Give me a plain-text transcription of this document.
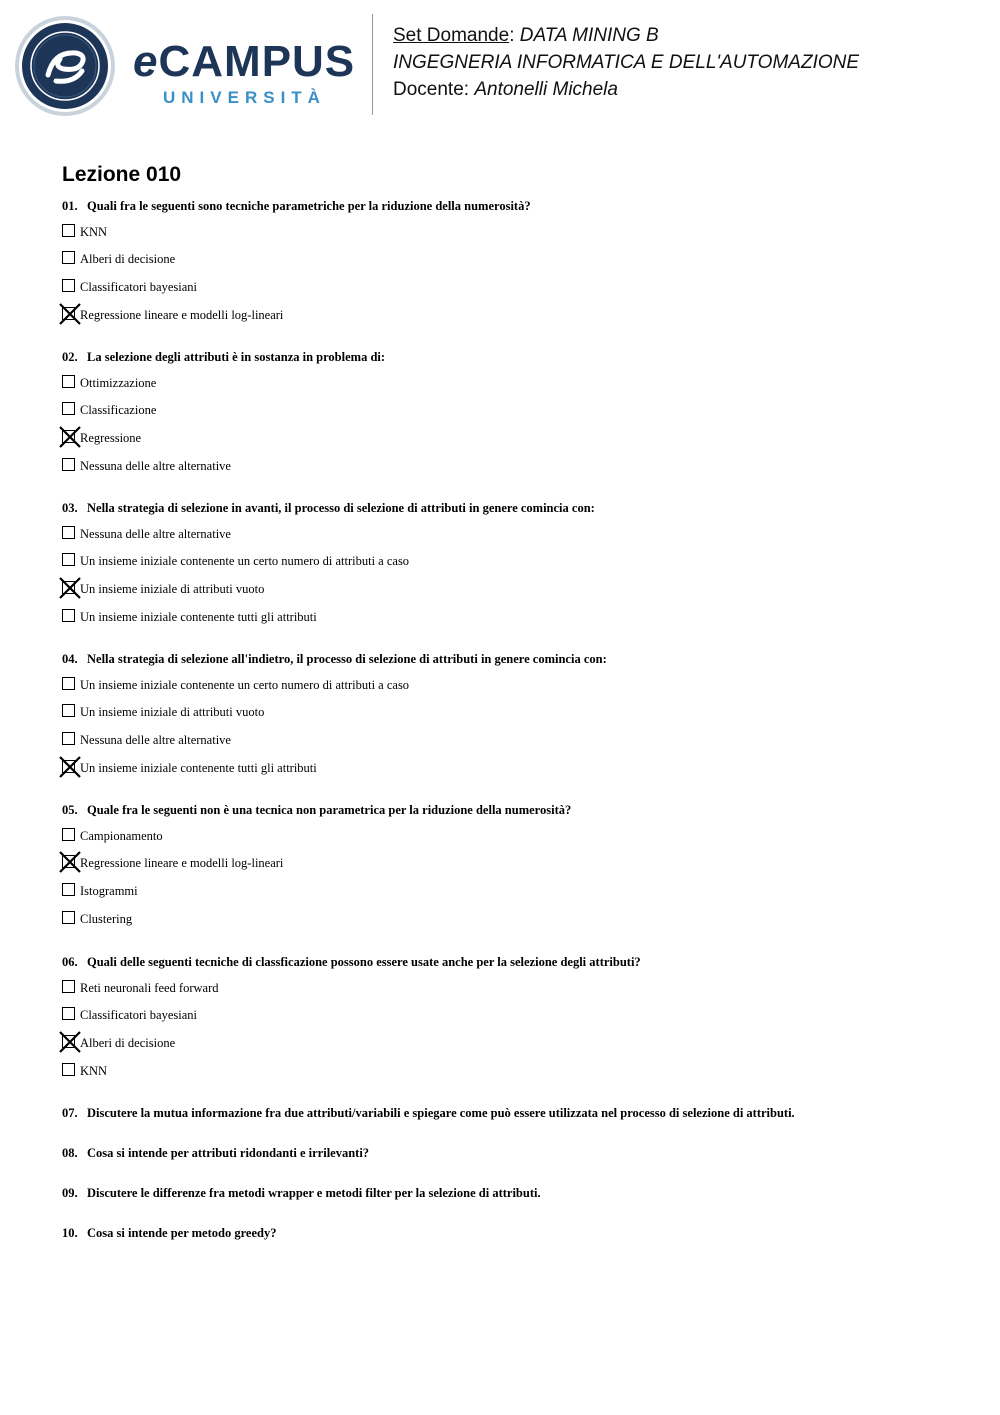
eCAMPUS
UNIVERSITÀ
Set Domande: DATA MINING B
INGEGNERIA INFORMATICA E DELL'AUTOMAZIONE
Docente: Antonelli Michela
Lezione 010
01. Quali fra le seguenti sono tecniche parametriche per la riduzione della numerosità?
KNN
Alberi di decisione
Classificatori bayesiani
Regressione lineare e modelli log-lineari
02. La selezione degli attributi è in sostanza in problema di:
Ottimizzazione
Classificazione
Regressione
Nessuna delle altre alternative
03. Nella strategia di selezione in avanti, il processo di selezione di attributi in genere comincia con:
Nessuna delle altre alternative
Un insieme iniziale contenente un certo numero di attributi a caso
Un insieme iniziale di attributi vuoto
Un insieme iniziale contenente tutti gli attributi
04. Nella strategia di selezione all'indietro, il processo di selezione di attributi in genere comincia con:
Un insieme iniziale contenente un certo numero di attributi a caso
Un insieme iniziale di attributi vuoto
Nessuna delle altre alternative
Un insieme iniziale contenente tutti gli attributi
05. Quale fra le seguenti non è una tecnica non parametrica per la riduzione della numerosità?
Campionamento
Regressione lineare e modelli log-lineari
Istogrammi
Clustering
06. Quali delle seguenti tecniche di classficazione possono essere usate anche per la selezione degli attributi?
Reti neuronali feed forward
Classificatori bayesiani
Alberi di decisione
KNN
07. Discutere la mutua informazione fra due attributi/variabili e spiegare come può essere utilizzata nel processo di selezione di attributi.
08. Cosa si intende per attributi ridondanti e irrilevanti?
09. Discutere le differenze fra metodi wrapper e metodi filter per la selezione di attributi.
10. Cosa si intende per metodo greedy?
